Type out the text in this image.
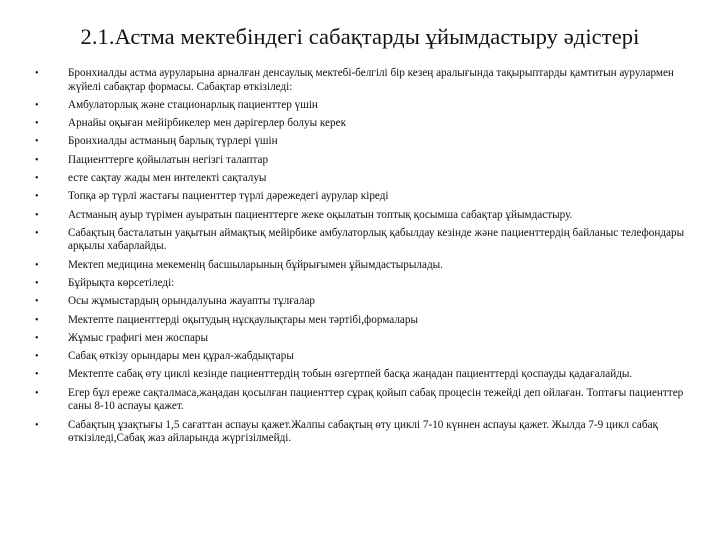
2.1.Астма мектебіндегі сабақтарды ұйымдастыру әдістері
•	Бронхиалды астма ауруларына арналған денсаулық мектебі-белгілі бір кезең аралығында тақырыптарды қамтитын аурулармен жүйелі сабақтар формасы. Сабақтар өткізіледі:
•	Амбулаторлық және стационарлық пациенттер үшін
•	Арнайы оқыған мейірбикелер мен дәрігерлер болуы керек
•	Бронхиалды астманың барлық түрлері үшін
•	Пациенттерге қойылатын негізгі талаптар
•	есте сақтау жады мен интелекті сақталуы
•	Топқа әр түрлі жастағы пациенттер түрлі дәрежедегі аурулар кіреді
•	Астманың ауыр түрімен ауыратын пациенттерге жеке оқылатын топтық қосымша сабақтар ұйымдастыру.
•	Сабақтың басталатын уақытын аймақтық мейірбике амбулаторлық қабылдау кезінде және пациенттердің байланыс телефондары арқылы хабарлайды.
•	Мектеп медицина мекеменің басшыларының бұйрығымен ұйымдастырылады.
•	Бұйрықта көрсетіледі:
•	Осы жұмыстардың орындалуына жауапты тұлғалар
•	Мектепте пациенттерді оқытудың нұсқаулықтары мен тәртібі,формалары
•	Жұмыс графигі мен жоспары
•	Сабақ өткізу орындары мен құрал-жабдықтары
•	Мектепте сабақ өту циклі кезінде пациенттердің тобын өзгертпей басқа жаңадан пациенттерді қоспауды қадағалайды.
•	Егер бұл ереже сақталмаса,жаңадан қосылған пациенттер сұрақ қойып сабақ процесін тежейді деп ойлаған. Топтағы пациенттер саны 8-10 аспауы қажет.
•	Сабақтың ұзақтығы 1,5 сағаттан аспауы қажет.Жалпы сабақтың өту циклі 7-10 күннен аспауы қажет. Жылда 7-9 цикл сабақ өткізіледі,Сабақ жаз айларында жүргізілмейді.
